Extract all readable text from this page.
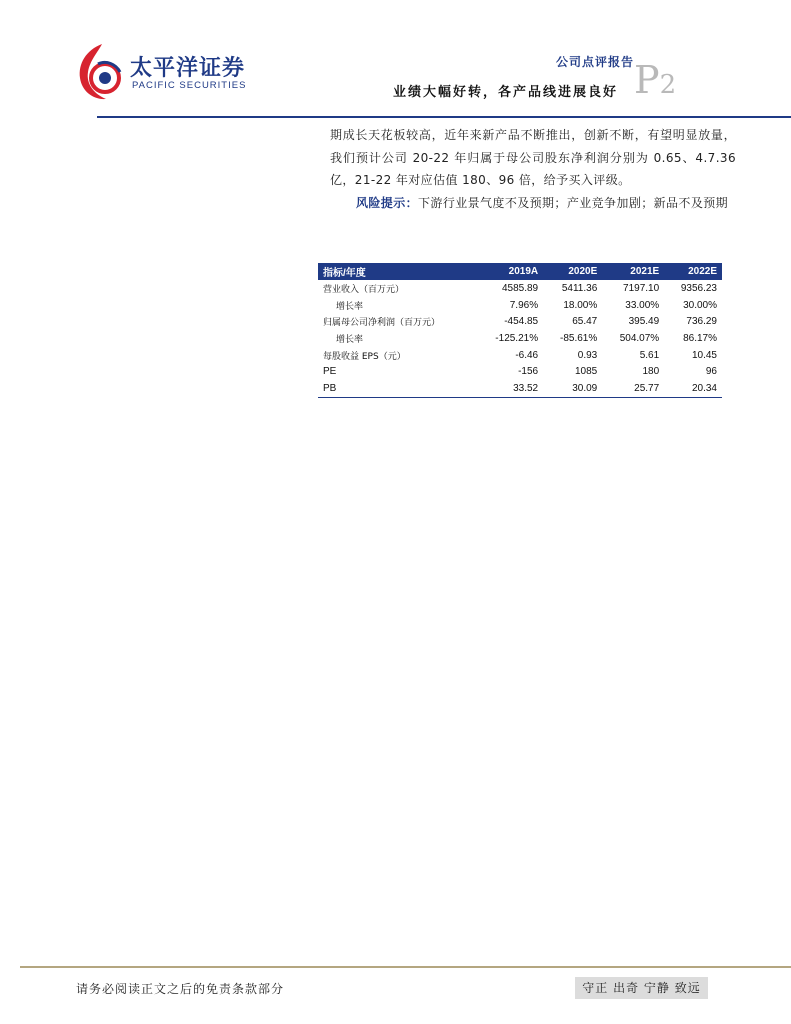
太平洋证券
PACIFIC SECURITIES
公司点评报告
业绩大幅好转，各产品线进展良好 P2

期成长天花板较高，近年来新产品不断推出，创新不断，有望明显放量，我们预计公司 20-22 年归属于母公司股东净利润分别为 0.65、4.7.36 亿，21-22 年对应估值 180、96 倍，给予买入评级。

风险提示：下游行业景气度不及预期；产业竞争加剧；新品不及预期

指标/年度	2019A	2020E	2021E	2022E
营业收入（百万元）	4585.89	5411.36	7197.10	9356.23
增长率	7.96%	18.00%	33.00%	30.00%
归属母公司净利润（百万元）	-454.85	65.47	395.49	736.29
增长率	-125.21%	-85.61%	504.07%	86.17%
每股收益 EPS（元）	-6.46	0.93	5.61	10.45
PE	-156	1085	180	96
PB	33.52	30.09	25.77	20.34
请务必阅读正文之后的免责条款部分	守正 出奇 宁静 致远
